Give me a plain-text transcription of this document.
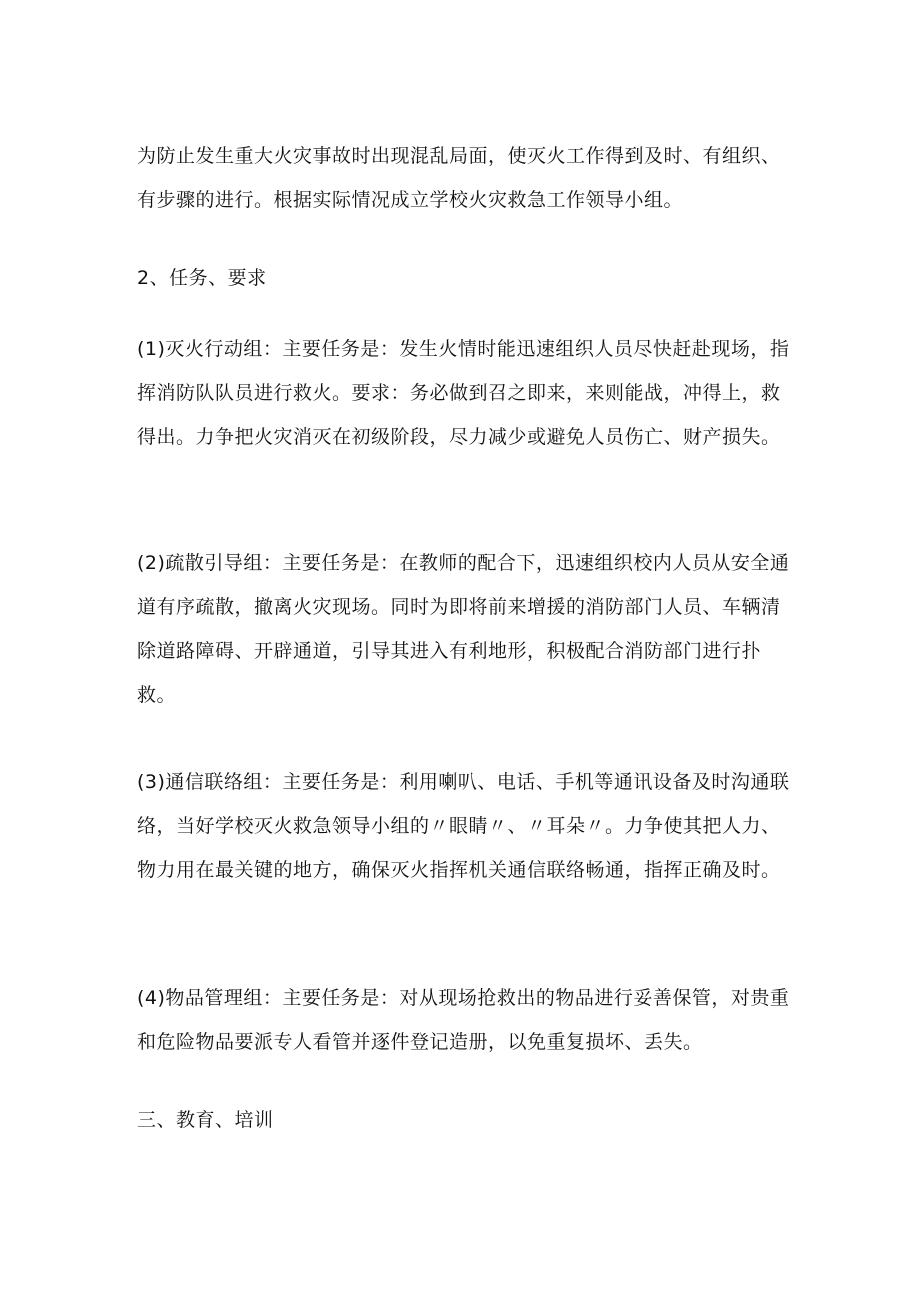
为防止发生重大火灾事故时出现混乱局面，使灭火工作得到及时、有组织、有步骤的进行。根据实际情况成立学校火灾救急工作领导小组。

2、任务、要求

(1)灭火行动组：主要任务是：发生火情时能迅速组织人员尽快赶赴现场，指挥消防队队员进行救火。要求：务必做到召之即来，来则能战，冲得上，救得出。力争把火灾消灭在初级阶段，尽力减少或避免人员伤亡、财产损失。

(2)疏散引导组：主要任务是：在教师的配合下，迅速组织校内人员从安全通道有序疏散，撤离火灾现场。同时为即将前来增援的消防部门人员、车辆清除道路障碍、开辟通道，引导其进入有利地形，积极配合消防部门进行扑救。

(3)通信联络组：主要任务是：利用喇叭、电话、手机等通讯设备及时沟通联络，当好学校灭火救急领导小组的〃眼睛〃、〃耳朵〃。力争使其把人力、物力用在最关键的地方，确保灭火指挥机关通信联络畅通，指挥正确及时。

(4)物品管理组：主要任务是：对从现场抢救出的物品进行妥善保管，对贵重和危险物品要派专人看管并逐件登记造册，以免重复损坏、丢失。

三、教育、培训
